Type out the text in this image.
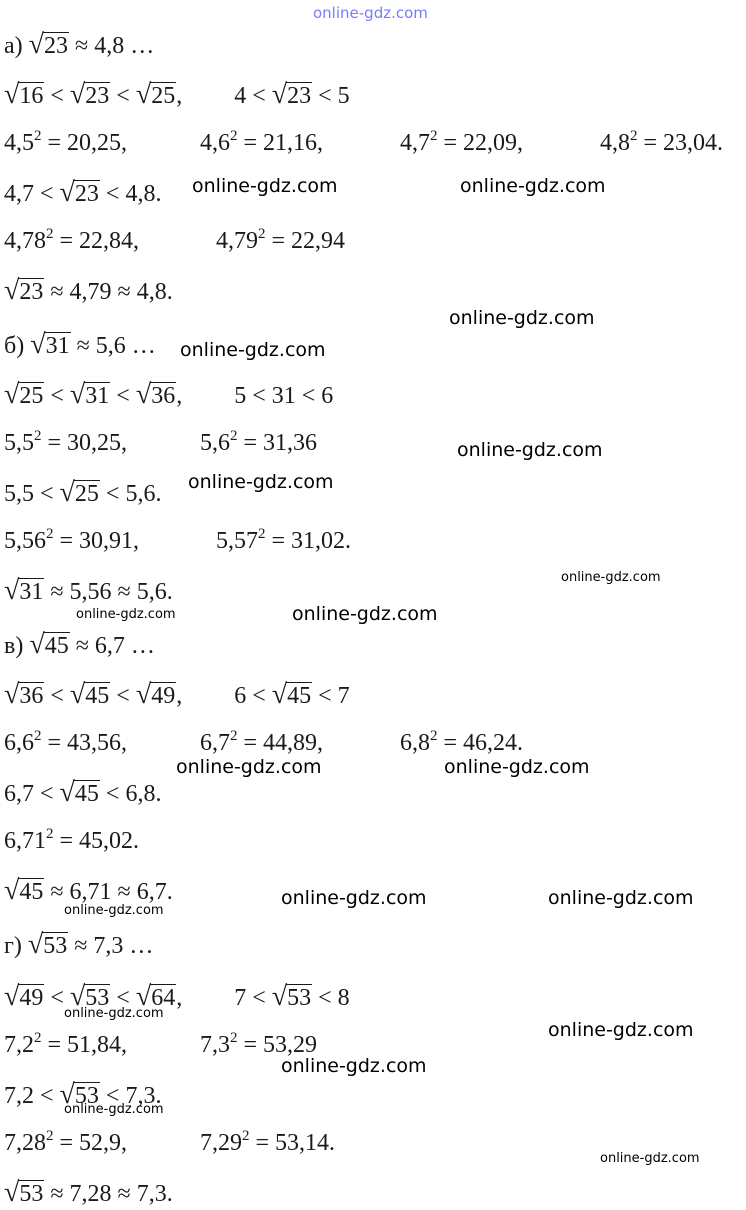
online-gdz.com
а) √23 ≈ 4,8 …
√16 < √23 < √25, 4 < √23 < 5
$4,5^2 = 20,25$,	$4,6^2 = 21,16$,	$4,7^2 = 22,09$,	$4,8^2 = 23,04$.
4,7 < √23 < 4,8.
$4,78^2 = 22,84$,	$4,79^2 = 22,94$
√23 ≈ 4,79 ≈ 4,8.
б) √31 ≈ 5,6 …
√25 < √31 < √36, 5 < 31 < 6
$5,5^2 = 30,25$,	$5,6^2 = 31,36$
5,5 < √25 < 5,6.
$5,56^2 = 30,91$,	$5,57^2 = 31,02$.
√31 ≈ 5,56 ≈ 5,6.
в) √45 ≈ 6,7 …
√36 < √45 < √49, 6 < √45 < 7
$6,6^2 = 43,56$,	$6,7^2 = 44,89$,	$6,8^2 = 46,24$.
6,7 < √45 < 6,8.
$6,71^2 = 45,02$.
√45 ≈ 6,71 ≈ 6,7.
г) √53 ≈ 7,3 …
√49 < √53 < √64, 7 < √53 < 8
$7,2^2 = 51,84$,	$7,3^2 = 53,29$
7,2 < √53 < 7,3.
$7,28^2 = 52,9$,	$7,29^2 = 53,14$.
√53 ≈ 7,28 ≈ 7,3.
online-gdz.com	online-gdz.com
online-gdz.com
online-gdz.com
online-gdz.com
online-gdz.com
online-gdz.com
online-gdz.com	online-gdz.com
online-gdz.com	online-gdz.com
online-gdz.com	online-gdz.com
online-gdz.com
online-gdz.com
online-gdz.com
online-gdz.com
online-gdz.com
online-gdz.com
